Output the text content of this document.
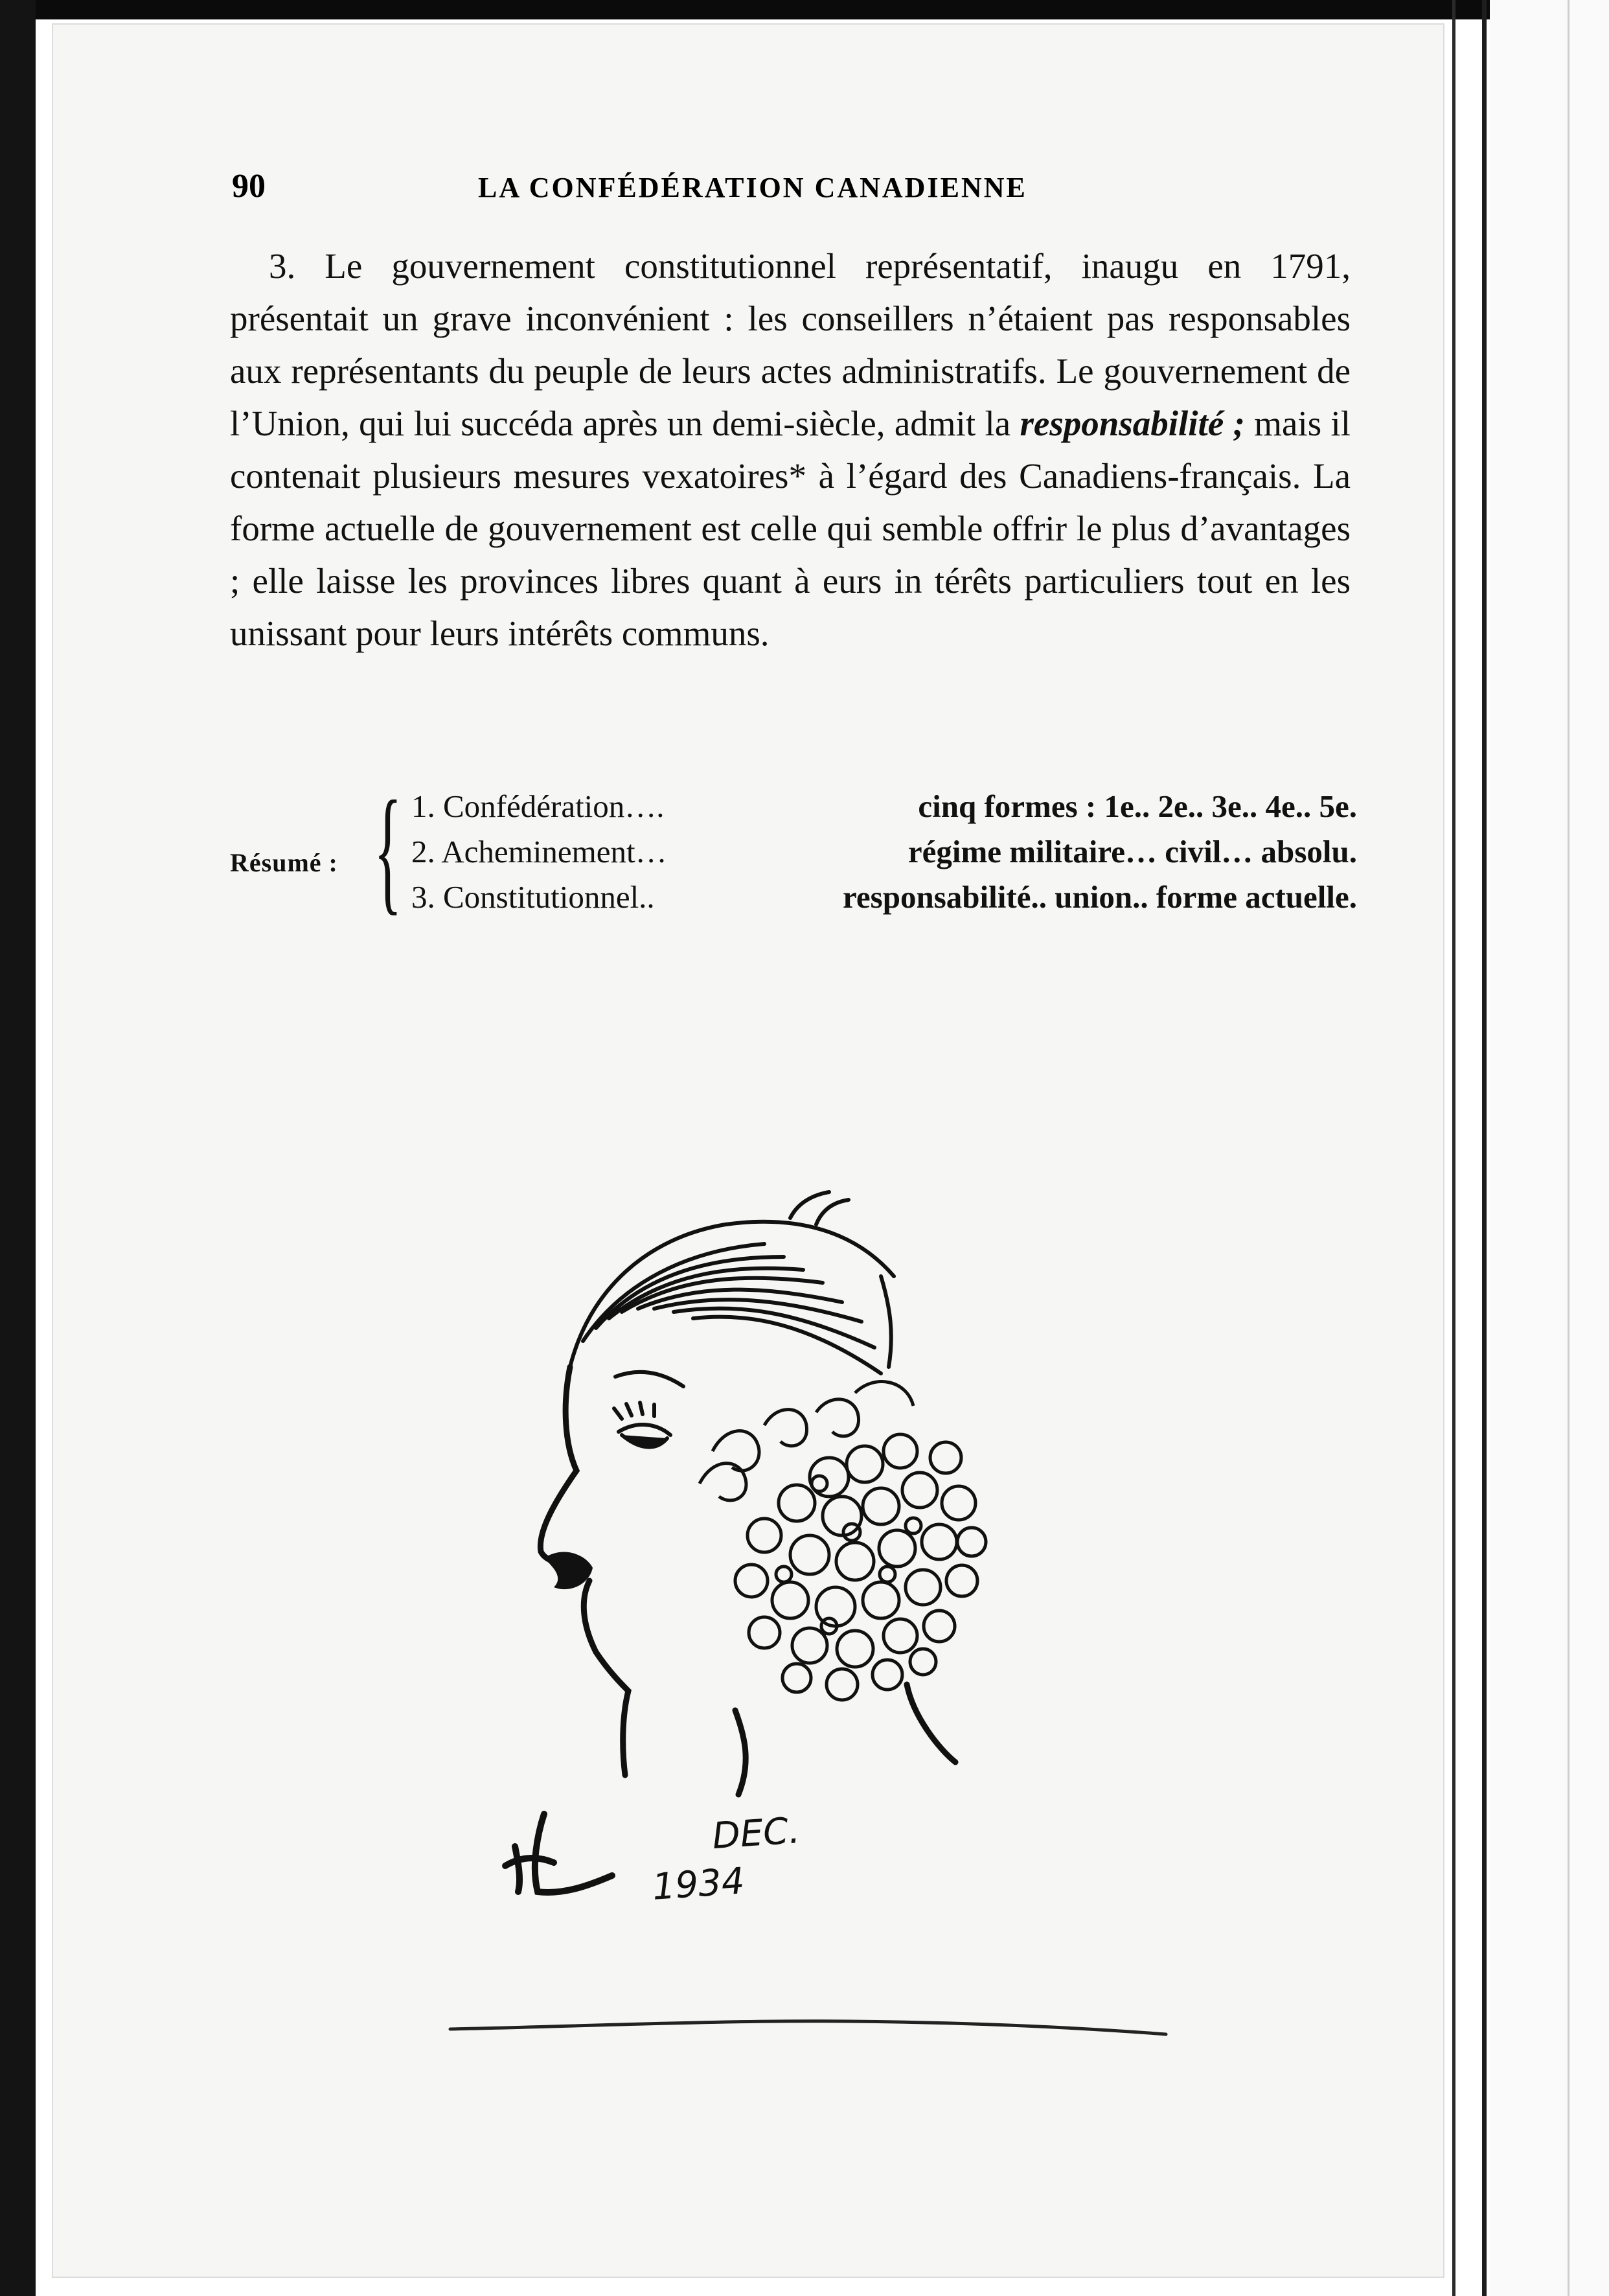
90	LA CONFÉDÉRATION CANADIENNE
3. Le gouvernement constitutionnel représentatif, inaugu en 1791, présentait un grave inconvénient : les conseillers n’étaient pas responsables aux représentants du peuple de leurs actes administratifs. Le gouvernement de l’Union, qui lui succéda après un demi-siècle, admit la responsabilité ; mais il contenait plusieurs mesures vexatoires* à l’égard des Canadiens-français. La forme actuelle de gouvernement est celle qui semble offrir le plus d’avantages ; elle laisse les provinces libres quant à eurs in térêts particuliers tout en les unissant pour leurs intérêts communs.
Résumé : { 1. Confédération….	cinq formes : 1e.. 2e.. 3e.. 4e.. 5e.
2. Acheminement…	régime militaire… civil… absolu.
3. Constitutionnel..	responsabilité.. union.. forme actuelle.
DEC.
1934
